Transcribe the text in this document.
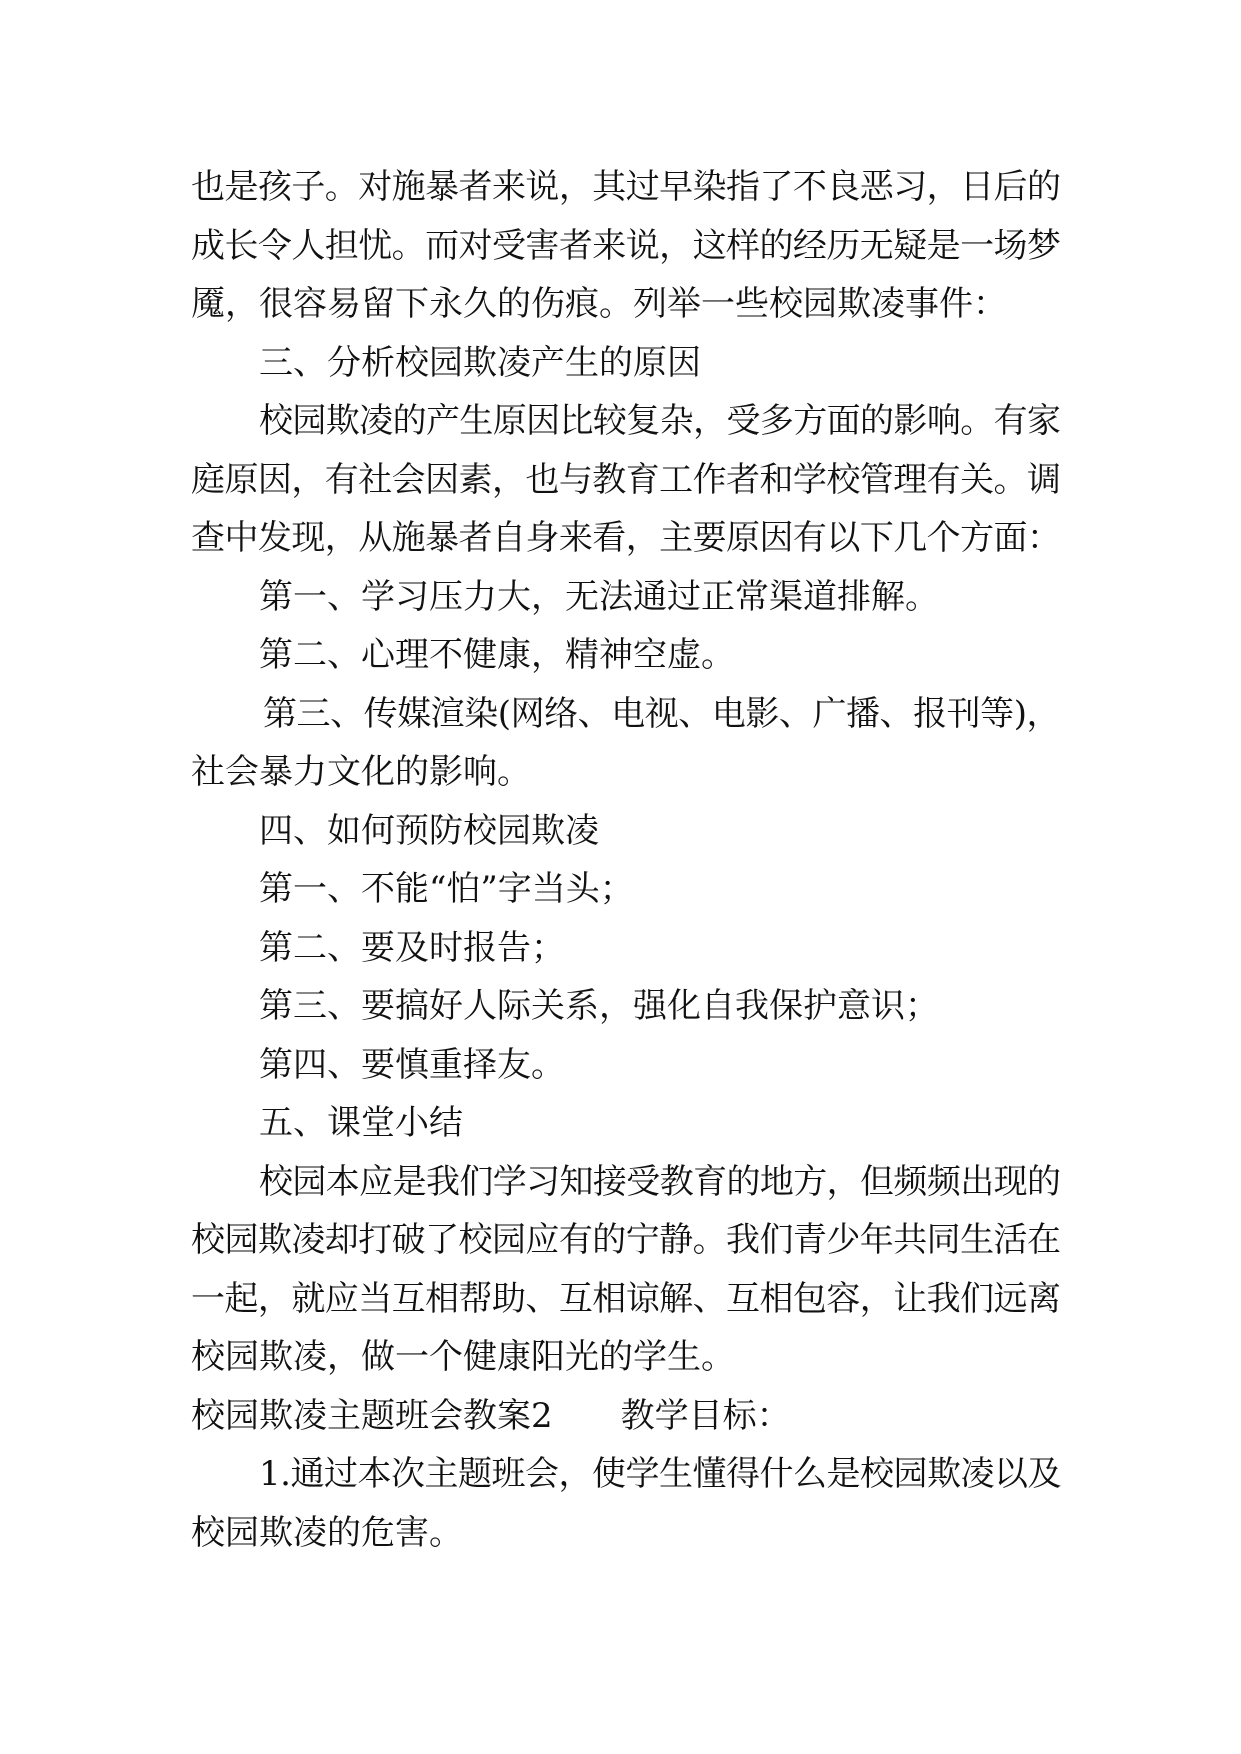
也是孩子。对施暴者来说，其过早染指了不良恶习，日后的
成长令人担忧。而对受害者来说，这样的经历无疑是一场梦
魇，很容易留下永久的伤痕。列举一些校园欺凌事件：
三、分析校园欺凌产生的原因
校园欺凌的产生原因比较复杂，受多方面的影响。有家
庭原因，有社会因素，也与教育工作者和学校管理有关。调
查中发现，从施暴者自身来看，主要原因有以下几个方面：
第一、学习压力大，无法通过正常渠道排解。
第二、心理不健康，精神空虚。
第三、传媒渲染(网络、电视、电影、广播、报刊等)，
社会暴力文化的影响。
四、如何预防校园欺凌
第一、不能“怕”字当头；
第二、要及时报告；
第三、要搞好人际关系，强化自我保护意识；
第四、要慎重择友。
五、课堂小结
校园本应是我们学习知接受教育的地方，但频频出现的
校园欺凌却打破了校园应有的宁静。我们青少年共同生活在
一起，就应当互相帮助、互相谅解、互相包容，让我们远离
校园欺凌，做一个健康阳光的学生。
校园欺凌主题班会教案2 教学目标：
1.通过本次主题班会，使学生懂得什么是校园欺凌以及
校园欺凌的危害。
